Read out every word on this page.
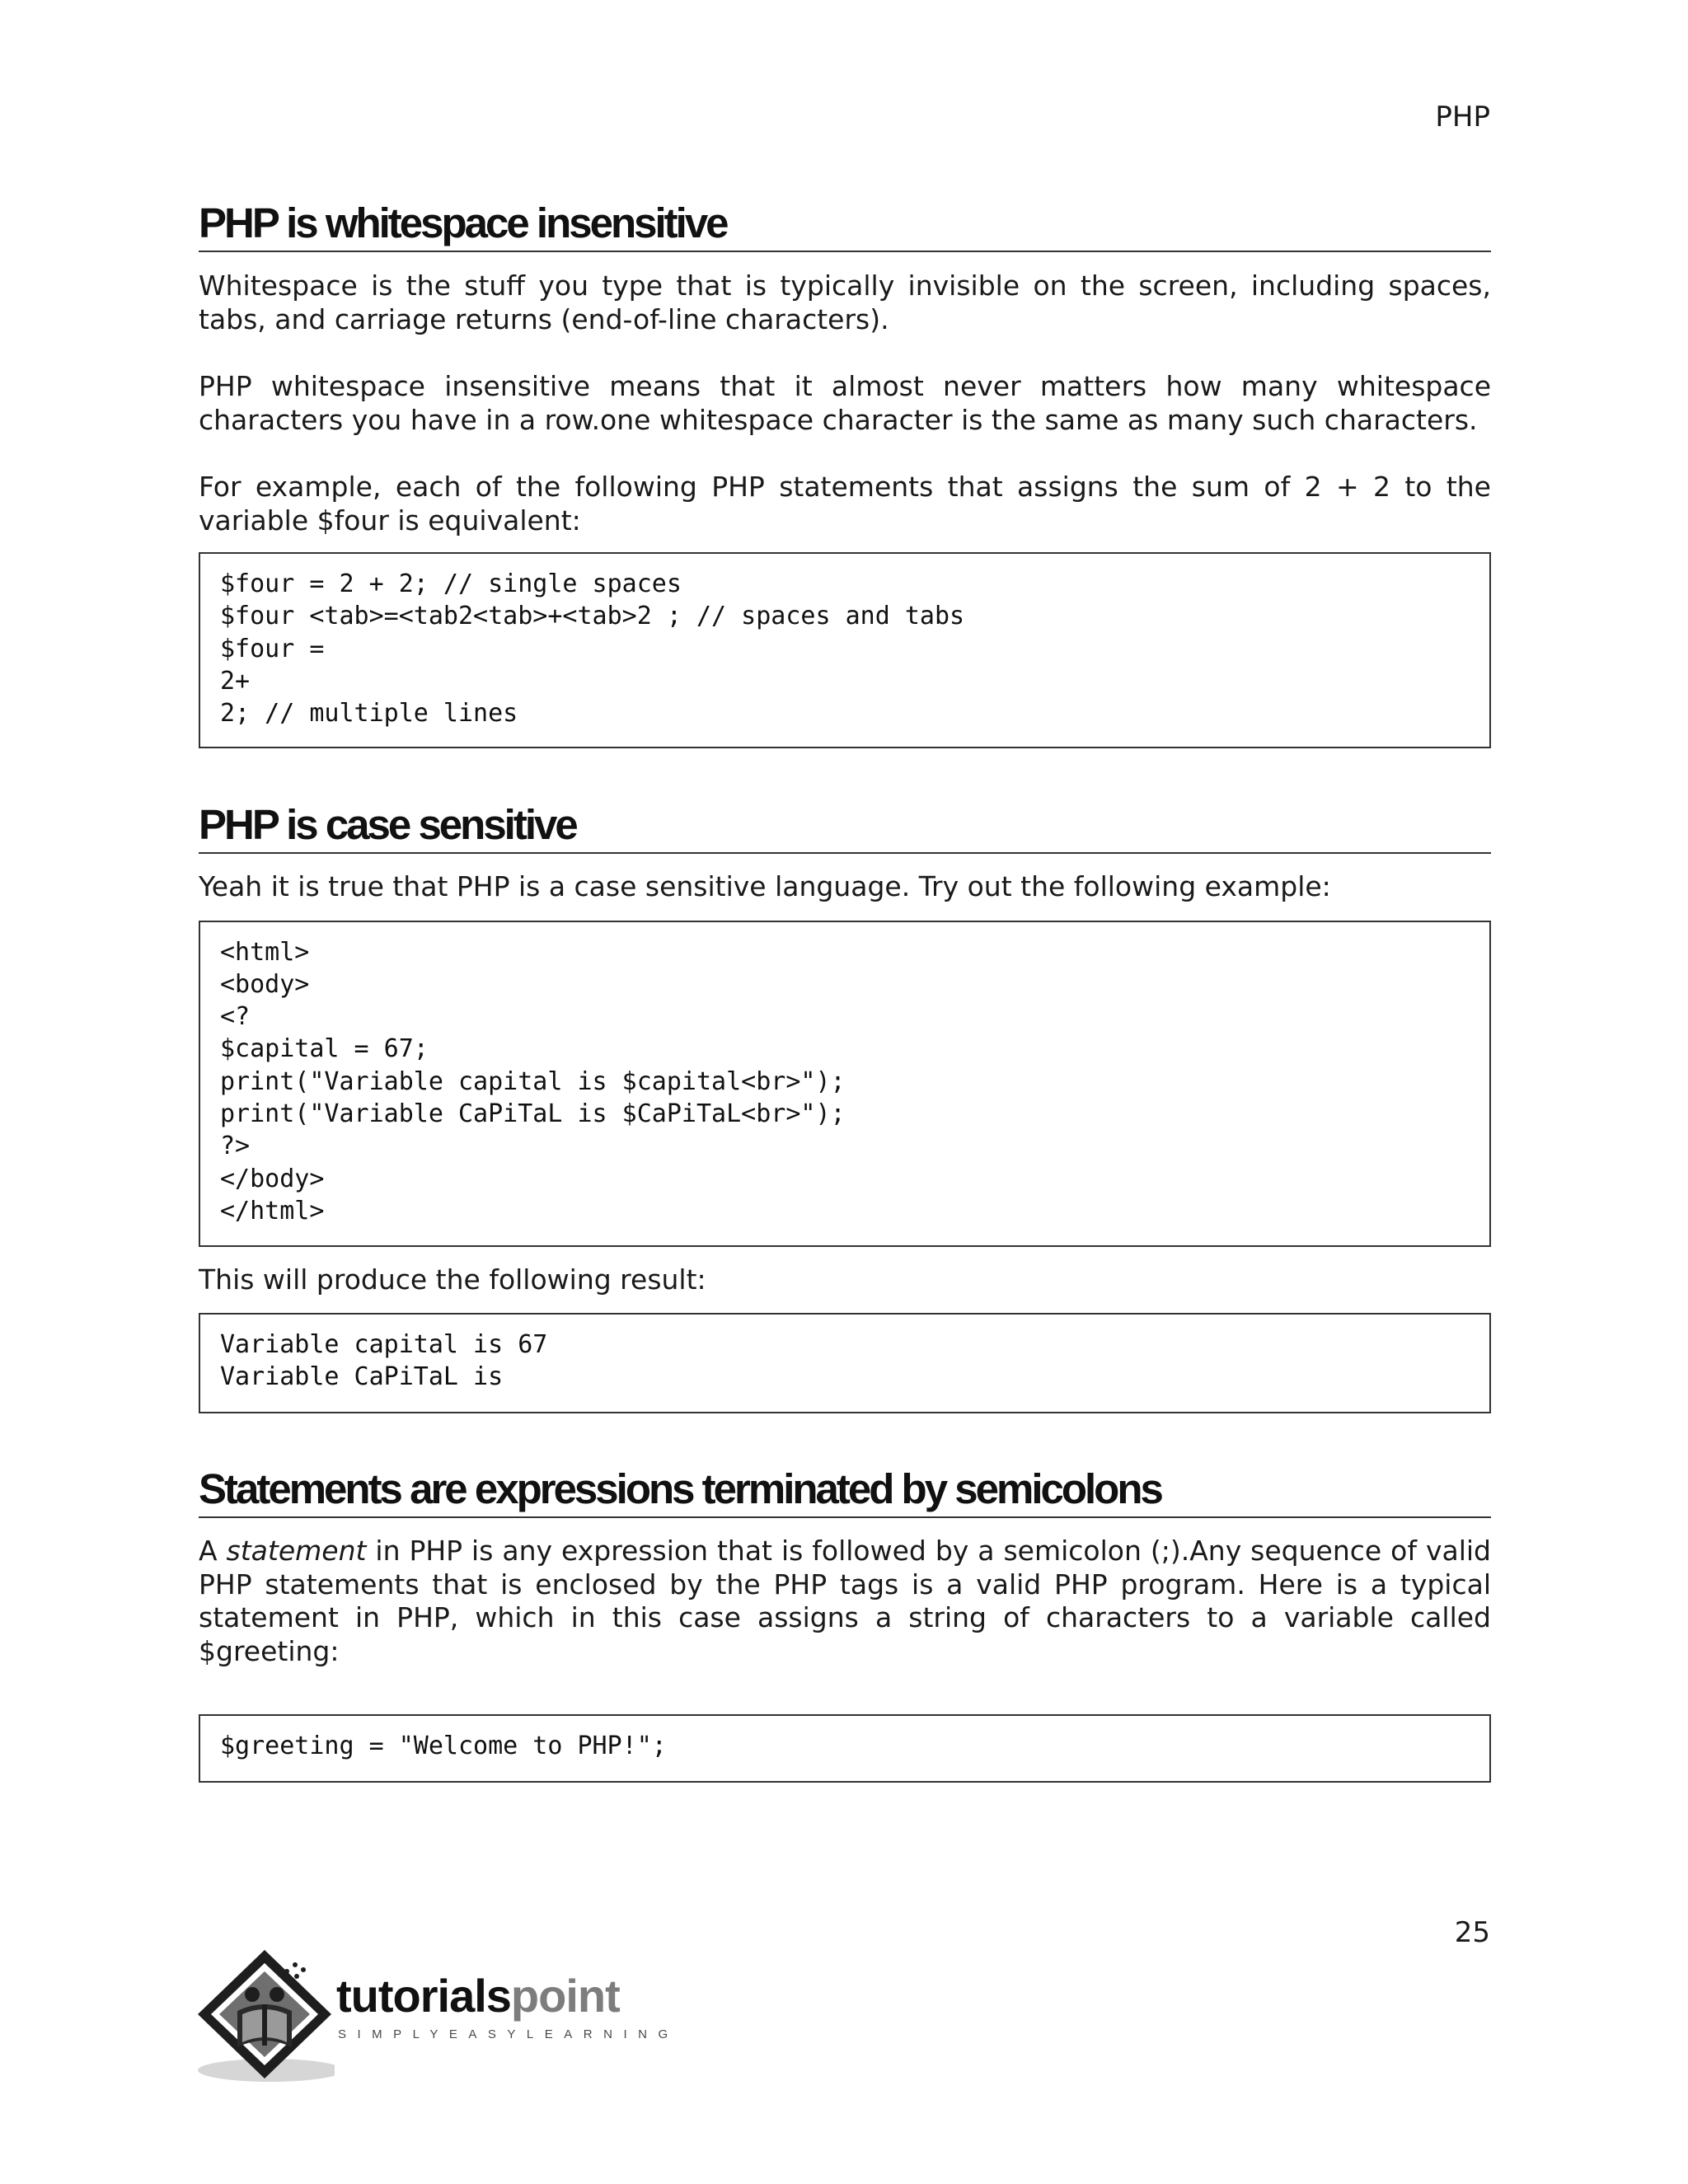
PHP
PHP is whitespace insensitive

Whitespace is the stuff you type that is typically invisible on the screen, including spaces, tabs, and carriage returns (end-of-line characters).

PHP whitespace insensitive means that it almost never matters how many whitespace characters you have in a row.one whitespace character is the same as many such characters.

For example, each of the following PHP statements that assigns the sum of 2 + 2 to the variable $four is equivalent:

$four = 2 + 2; // single spaces
$four <tab>=<tab2<tab>+<tab>2 ; // spaces and tabs
$four =
2+
2; // multiple lines
PHP is case sensitive

Yeah it is true that PHP is a case sensitive language. Try out the following example:

<html>
<body>
<?
$capital = 67;
print("Variable capital is $capital<br>");
print("Variable CaPiTaL is $CaPiTaL<br>");
?>
</body>
</html>

This will produce the following result:

Variable capital is 67
Variable CaPiTaL is
Statements are expressions terminated by semicolons

A statement in PHP is any expression that is followed by a semicolon (;).Any sequence of valid PHP statements that is enclosed by the PHP tags is a valid PHP program. Here is a typical statement in PHP, which in this case assigns a string of characters to a variable called $greeting:

$greeting = "Welcome to PHP!";
25
tutorialspoint
SIMPLYEASYLEARNING
